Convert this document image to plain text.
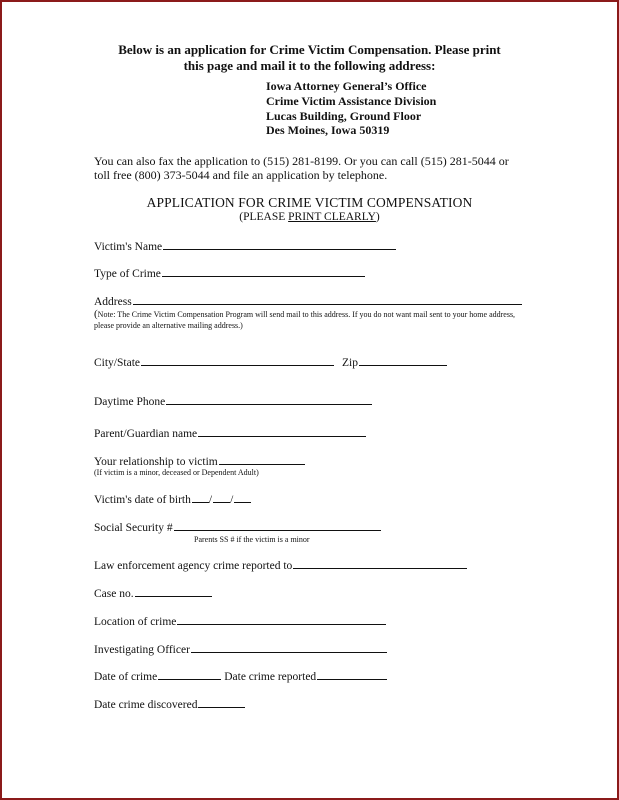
Below is an application for Crime Victim Compensation. Please print
this page and mail it to the following address:
Iowa Attorney General’s Office
Crime Victim Assistance Division
Lucas Building, Ground Floor
Des Moines, Iowa 50319
You can also fax the application to (515) 281-8199. Or you can call (515) 281-5044 or
toll free (800) 373-5044 and file an application by telephone.
APPLICATION FOR CRIME VICTIM COMPENSATION
(PLEASE PRINT CLEARLY)
Victim's Name
Type of Crime
Address
(Note: The Crime Victim Compensation Program will send mail to this address. If you do not want mail sent to your home address, please provide an alternative mailing address.)
City/State	Zip
Daytime Phone
Parent/Guardian name
Your relationship to victim
(If victim is a minor, deceased or Dependent Adult)
Victim's date of birth / /
Social Security #
Parents SS # if the victim is a minor
Law enforcement agency crime reported to
Case no.
Location of crime
Investigating Officer
Date of crime	Date crime reported
Date crime discovered
